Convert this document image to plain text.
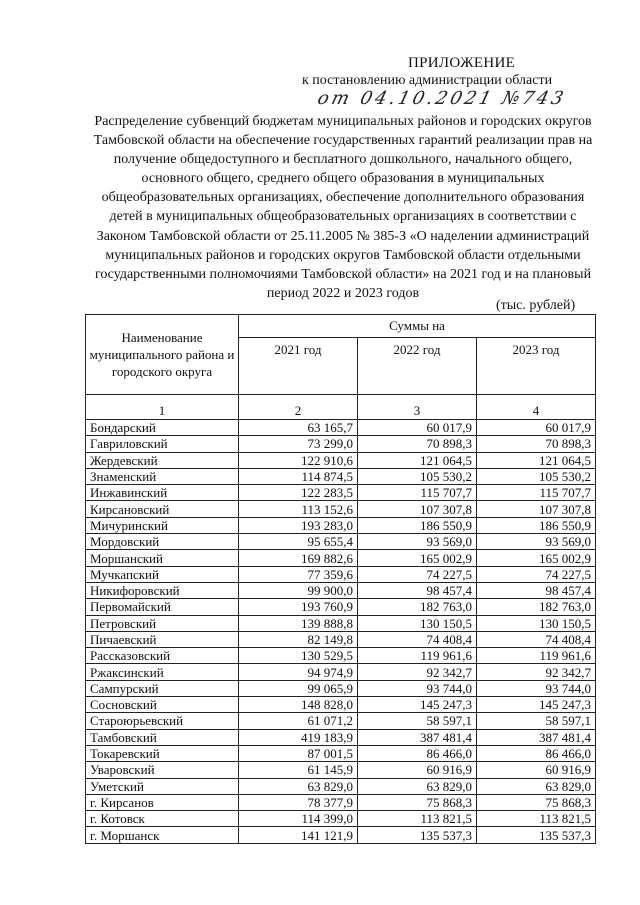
ПРИЛОЖЕНИЕ
к постановлению администрации области
от 04.10.2021 №743
Распределение субвенций бюджетам муниципальных районов и городских округов Тамбовской области на обеспечение государственных гарантий реализации прав на получение общедоступного и бесплатного дошкольного, начального общего, основного общего, среднего общего образования в муниципальных общеобразовательных организациях, обеспечение дополнительного образования детей в муниципальных общеобразовательных организациях в соответствии с Законом Тамбовской области от 25.11.2005 № 385-З «О наделении администраций муниципальных районов и городских округов Тамбовской области отдельными государственными полномочиями Тамбовской области» на 2021 год и на плановый период 2022 и 2023 годов
(тыс. рублей)
Наименование муниципального района и городского округа	Суммы на		
	2021 год	2022 год	2023 год
1	2	3	4
Бондарский	63 165,7	60 017,9	60 017,9
Гавриловский	73 299,0	70 898,3	70 898,3
Жердевский	122 910,6	121 064,5	121 064,5
Знаменский	114 874,5	105 530,2	105 530,2
Инжавинский	122 283,5	115 707,7	115 707,7
Кирсановский	113 152,6	107 307,8	107 307,8
Мичуринский	193 283,0	186 550,9	186 550,9
Мордовский	95 655,4	93 569,0	93 569,0
Моршанский	169 882,6	165 002,9	165 002,9
Мучкапский	77 359,6	74 227,5	74 227,5
Никифоровский	99 900,0	98 457,4	98 457,4
Первомайский	193 760,9	182 763,0	182 763,0
Петровский	139 888,8	130 150,5	130 150,5
Пичаевский	82 149,8	74 408,4	74 408,4
Рассказовский	130 529,5	119 961,6	119 961,6
Ржаксинский	94 974,9	92 342,7	92 342,7
Сампурский	99 065,9	93 744,0	93 744,0
Сосновский	148 828,0	145 247,3	145 247,3
Староюрьевский	61 071,2	58 597,1	58 597,1
Тамбовский	419 183,9	387 481,4	387 481,4
Токаревский	87 001,5	86 466,0	86 466,0
Уваровский	61 145,9	60 916,9	60 916,9
Уметский	63 829,0	63 829,0	63 829,0
г. Кирсанов	78 377,9	75 868,3	75 868,3
г. Котовск	114 399,0	113 821,5	113 821,5
г. Моршанск	141 121,9	135 537,3	135 537,3
